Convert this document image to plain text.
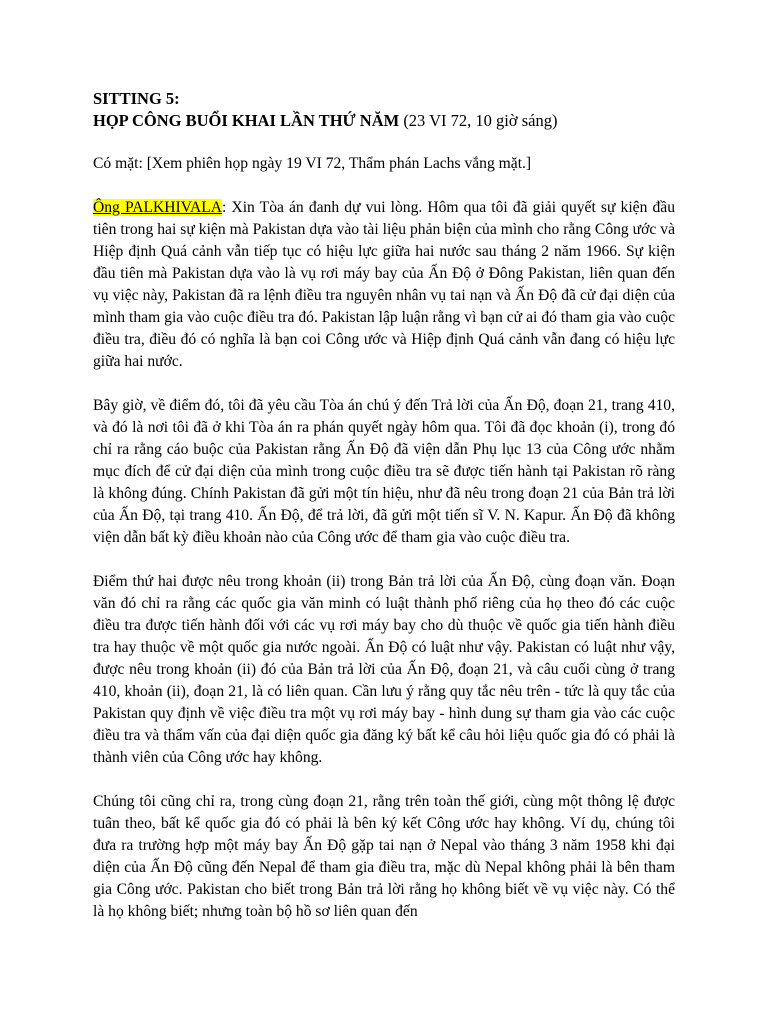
SITTING 5:
HỌP CÔNG BUỔI KHAI LẦN THỨ NĂM (23 VI 72, 10 giờ sáng)

Có mặt: [Xem phiên họp ngày 19 VI 72, Thẩm phán Lachs vắng mặt.]

Ông PALKHIVALA: Xin Tòa án đanh dự vui lòng. Hôm qua tôi đã giải quyết sự kiện đầu tiên trong hai sự kiện mà Pakistan dựa vào tài liệu phản biện của mình cho rằng Công ước và Hiệp định Quá cảnh vẫn tiếp tục có hiệu lực giữa hai nước sau tháng 2 năm 1966. Sự kiện đầu tiên mà Pakistan dựa vào là vụ rơi máy bay của Ấn Độ ở Đông Pakistan, liên quan đến vụ việc này, Pakistan đã ra lệnh điều tra nguyên nhân vụ tai nạn và Ấn Độ đã cử đại diện của mình tham gia vào cuộc điều tra đó. Pakistan lập luận rằng vì bạn cử ai đó tham gia vào cuộc điều tra, điều đó có nghĩa là bạn coi Công ước và Hiệp định Quá cảnh vẫn đang có hiệu lực giữa hai nước.

Bây giờ, về điểm đó, tôi đã yêu cầu Tòa án chú ý đến Trả lời của Ấn Độ, đoạn 21, trang 410, và đó là nơi tôi đã ở khi Tòa án ra phán quyết ngày hôm qua. Tôi đã đọc khoản (i), trong đó chỉ ra rằng cáo buộc của Pakistan rằng Ấn Độ đã viện dẫn Phụ lục 13 của Công ước nhằm mục đích để cử đại diện của mình trong cuộc điều tra sẽ được tiến hành tại Pakistan rõ ràng là không đúng. Chính Pakistan đã gửi một tín hiệu, như đã nêu trong đoạn 21 của Bản trả lời của Ấn Độ, tại trang 410. Ấn Độ, để trả lời, đã gửi một tiến sĩ V. N. Kapur. Ấn Độ đã không viện dẫn bất kỳ điều khoản nào của Công ước để tham gia vào cuộc điều tra.

Điểm thứ hai được nêu trong khoản (ii) trong Bản trả lời của Ấn Độ, cùng đoạn văn. Đoạn văn đó chỉ ra rằng các quốc gia văn minh có luật thành phố riêng của họ theo đó các cuộc điều tra được tiến hành đối với các vụ rơi máy bay cho dù thuộc về quốc gia tiến hành điều tra hay thuộc về một quốc gia nước ngoài. Ấn Độ có luật như vậy. Pakistan có luật như vậy, được nêu trong khoản (ii) đó của Bản trả lời của Ấn Độ, đoạn 21, và câu cuối cùng ở trang 410, khoản (ii), đoạn 21, là có liên quan. Cần lưu ý rằng quy tắc nêu trên - tức là quy tắc của Pakistan quy định về việc điều tra một vụ rơi máy bay - hình dung sự tham gia vào các cuộc điều tra và thẩm vấn của đại diện quốc gia đăng ký bất kể câu hỏi liệu quốc gia đó có phải là thành viên của Công ước hay không.

Chúng tôi cũng chỉ ra, trong cùng đoạn 21, rằng trên toàn thế giới, cùng một thông lệ được tuân theo, bất kể quốc gia đó có phải là bên ký kết Công ước hay không. Ví dụ, chúng tôi đưa ra trường hợp một máy bay Ấn Độ gặp tai nạn ở Nepal vào tháng 3 năm 1958 khi đại diện của Ấn Độ cũng đến Nepal để tham gia điều tra, mặc dù Nepal không phải là bên tham gia Công ước. Pakistan cho biết trong Bản trả lời rằng họ không biết về vụ việc này. Có thể là họ không biết; nhưng toàn bộ hồ sơ liên quan đến
